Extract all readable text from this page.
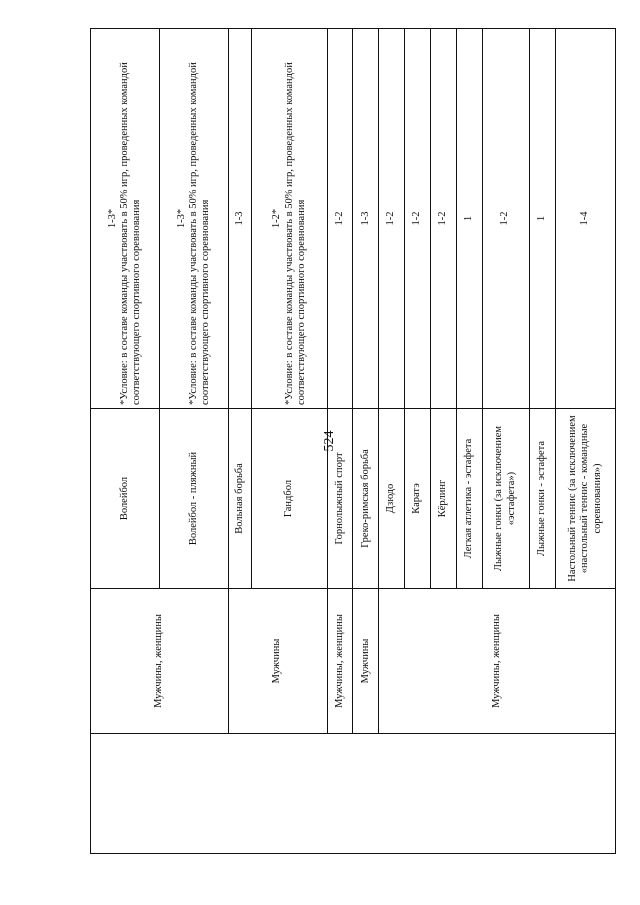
524
	Мужчины, женщины	Волейбол	1-3* *Условие: в составе команды участвовать в 50% игр, проведенных командой соответствующего спортивного соревнования

		Волейбол - пляжный	1-3* *Условие: в составе команды участвовать в 50% игр, проведенных командой соответствующего спортивного соревнования

	Мужчины	Вольная борьба	1-3
		Гандбол	1-2* *Условие: в составе команды участвовать в 50% игр, проведенных командой соответствующего спортивного соревнования

	Мужчины, женщины	Горнолыжный спорт	1-2
	Мужчины	Греко-римская борьба	1-3
	Мужчины, женщины	Дзюдо	1-2
		Каратэ	1-2
		Кёрлинг	1-2
		Легкая атлетика - эстафета	1
		Лыжные гонки (за исключением «эстафета»)	1-2
		Лыжные гонки - эстафета	1
		Настольный теннис (за исключением «настольный теннис - командные соревнования»)	1-4
